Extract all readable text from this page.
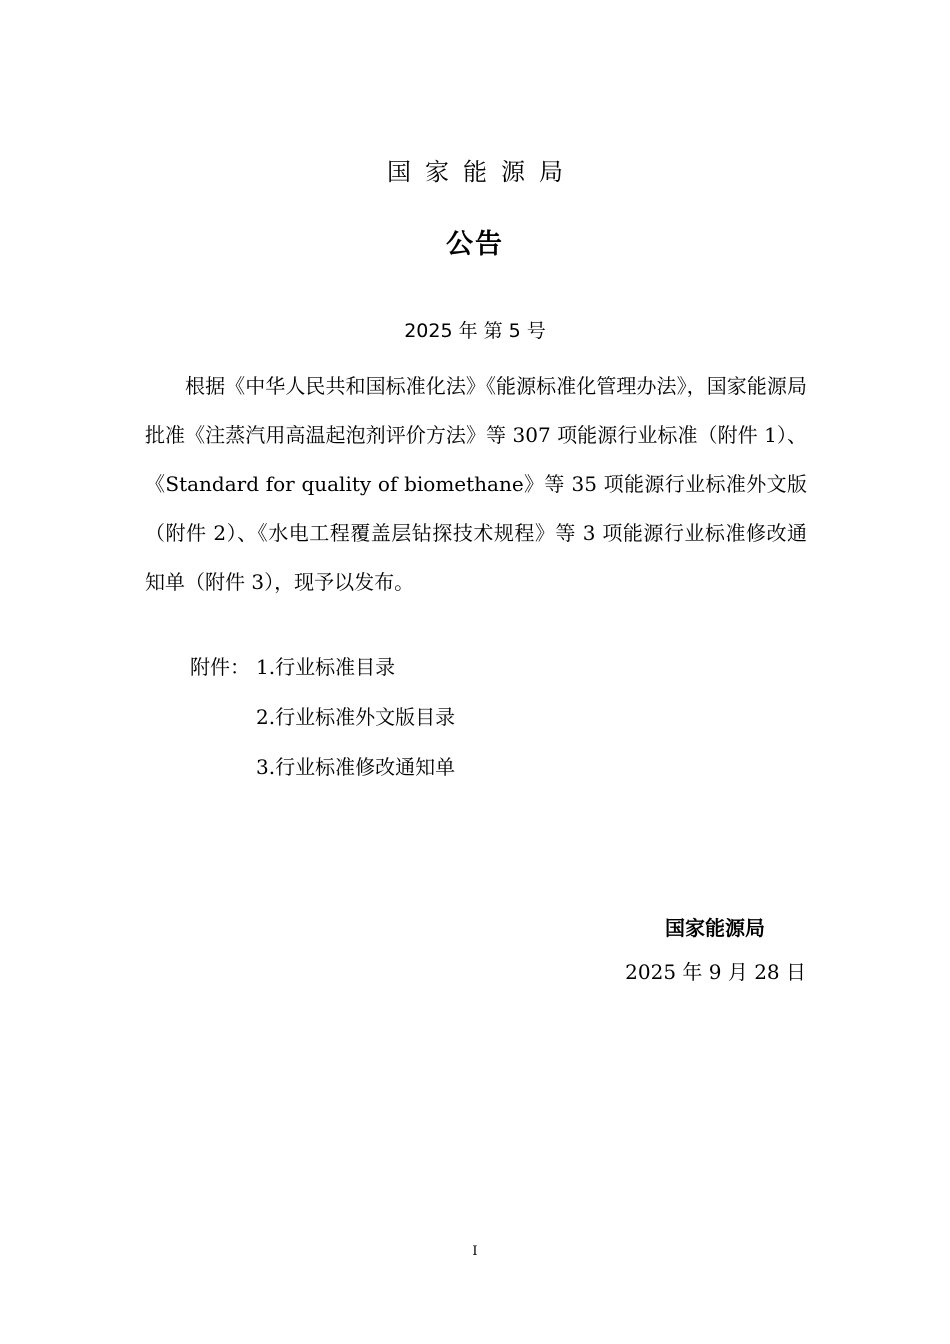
国家能源局
公告
2025 年 第 5 号
根据《中华人民共和国标准化法》《能源标准化管理办法》，国家能源局批准《注蒸汽用高温起泡剂评价方法》等 307 项能源行业标准（附件 1）、《Standard for quality of biomethane》等 35 项能源行业标准外文版（附件 2）、《水电工程覆盖层钻探技术规程》等 3 项能源行业标准修改通知单（附件 3），现予以发布。
附件： 1.行业标准目录
2.行业标准外文版目录
3.行业标准修改通知单
国家能源局
2025 年 9 月 28 日
I
